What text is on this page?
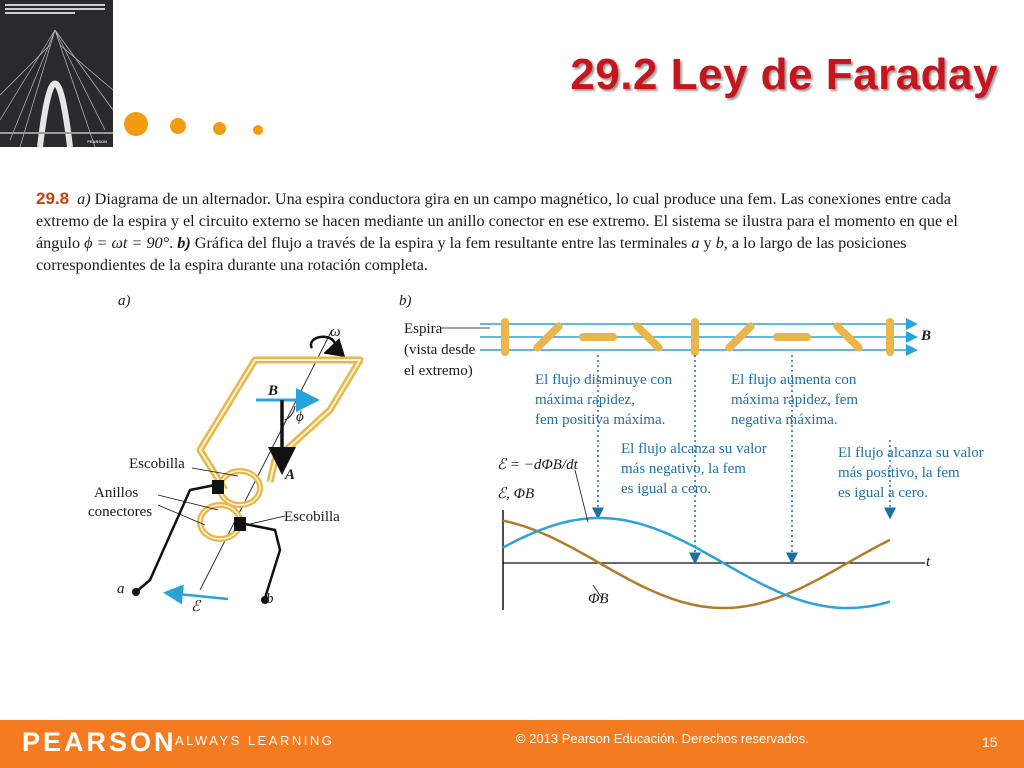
PEARSON
29.2 Ley de Faraday
29.8 a) Diagrama de un alternador. Una espira conductora gira en un campo magnético, lo cual produce una fem. Las conexiones entre cada extremo de la espira y el circuito externo se hacen mediante un anillo conector en ese extremo. El sistema se ilustra para el momento en que el ángulo ϕ = ωt = 90°. b) Gráfica del flujo a través de la espira y la fem resultante entre las terminales a y b, a lo largo de las posiciones correspondientes de la espira durante una rotación completa.
a)
ω
B
ϕ
A
Escobilla
Anillos
conectores	Escobilla
a
b
ℰ
b)
Espira
(vista desde
el extremo)
B
El flujo disminuye con
máxima rapidez,
fem positiva máxima.
El flujo aumenta con
máxima rapidez, fem
negativa máxima.
El flujo alcanza su valor
más negativo, la fem
es igual a cero.
El flujo alcanza su valor
más positivo, la fem
es igual a cero.
ℰ = −dΦB/dt
ℰ, ΦB
t
ΦB
PEARSON
ALWAYS LEARNING	© 2013 Pearson Educación. Derechos reservados.	15
